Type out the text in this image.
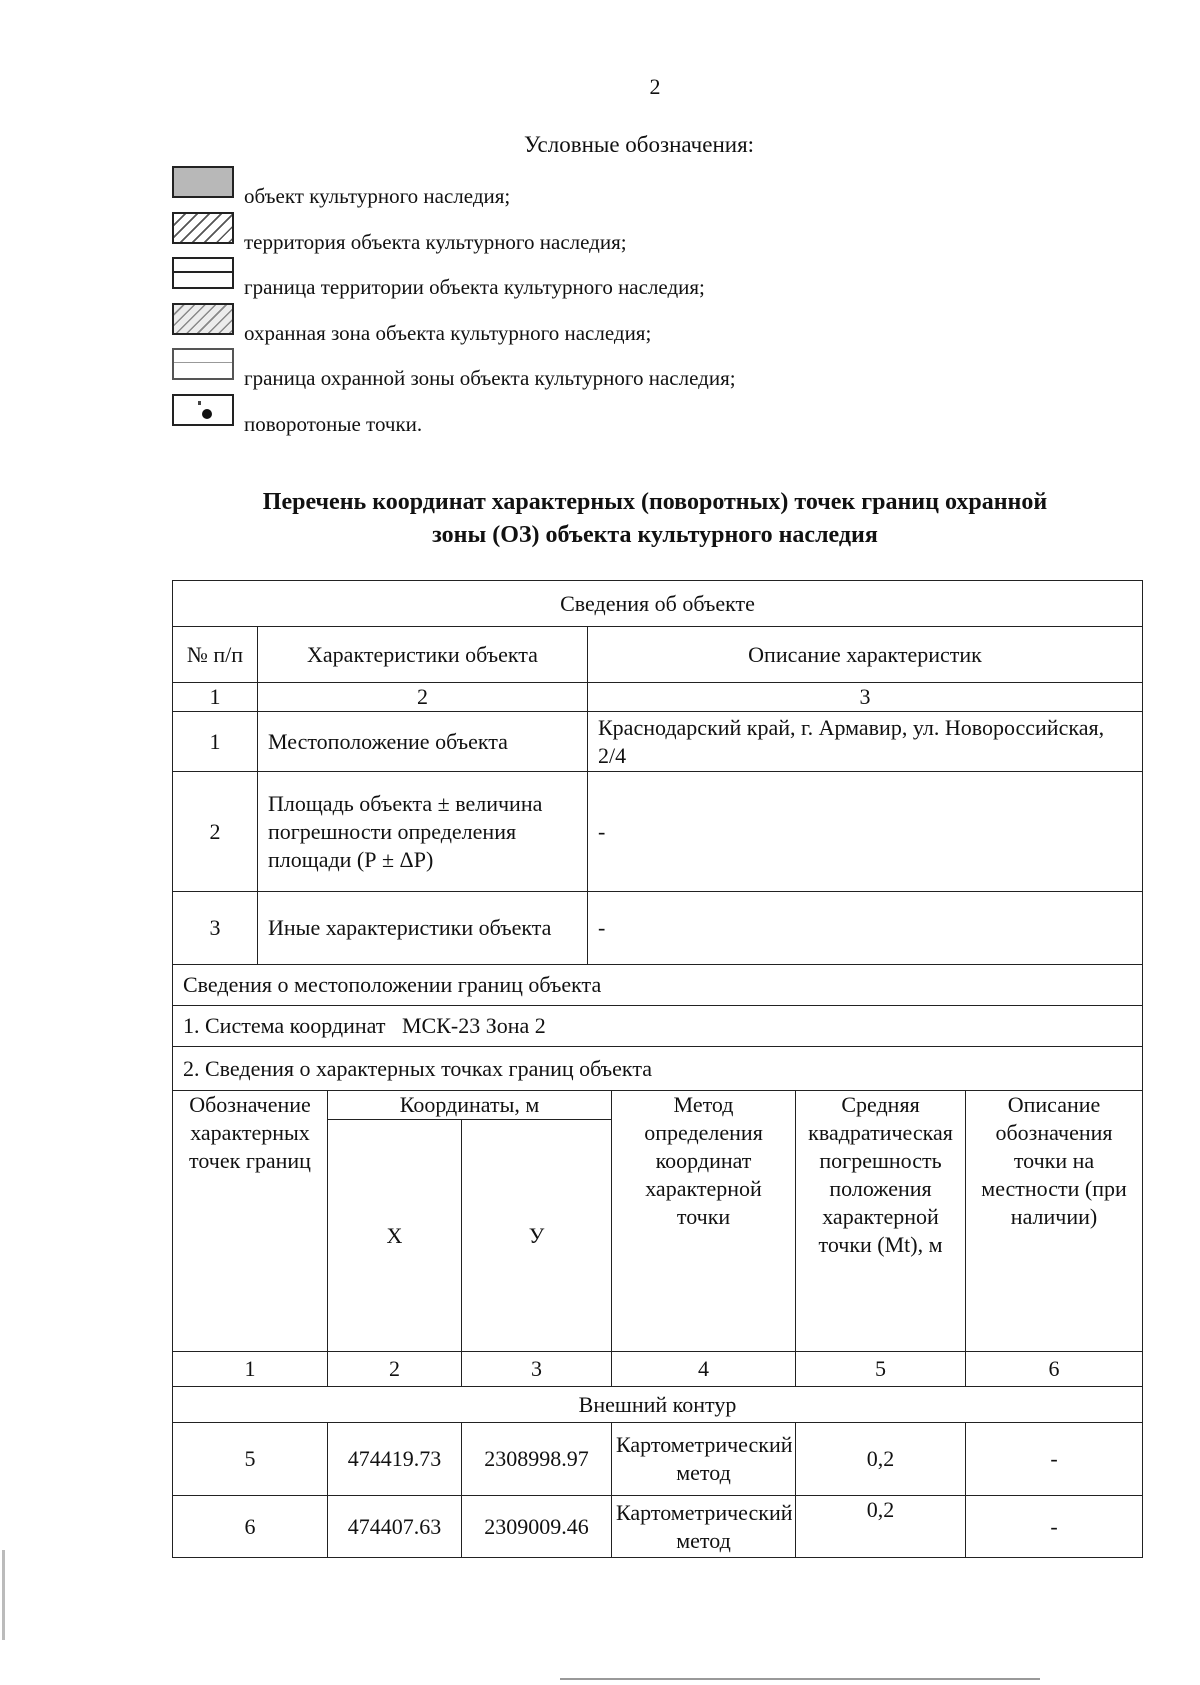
2
Условные обозначения:
объект культурного наследия;
территория объекта культурного наследия;
граница территории объекта культурного наследия;
охранная зона объекта культурного наследия;
граница охранной зоны объекта культурного наследия;
поворотоные точки.
Перечень координат характерных (поворотных) точек границ охранной
зоны (ОЗ) объекта культурного наследия
Сведения об объекте		
№ п/п	Характеристики объекта	Описание характеристик
1	2	3
1	Местоположение объекта	Краснодарский край, г. Армавир, ул. Новороссийская, 2/4
2	Площадь объекта ± величина погрешности определения площади (Р ± ΔР)	-
3	Иные характеристики объекта	-
Сведения о местоположении границ объекта		
1. Система координат   МСК-23 Зона 2		
2. Сведения о характерных точках границ объекта		
Обозначение характерных точек границ	Координаты, м		Метод определения координат характерной точки	Средняя квадратическая погрешность положения характерной точки (Mt), м	Описание обозначения точки на местности (при наличии)
	Х	У			
1	2	3	4	5	6
Внешний контур					
5	474419.73	2308998.97	Картометрический метод	0,2	-
6	474407.63	2309009.46	Картометрический метод	0,2	-
